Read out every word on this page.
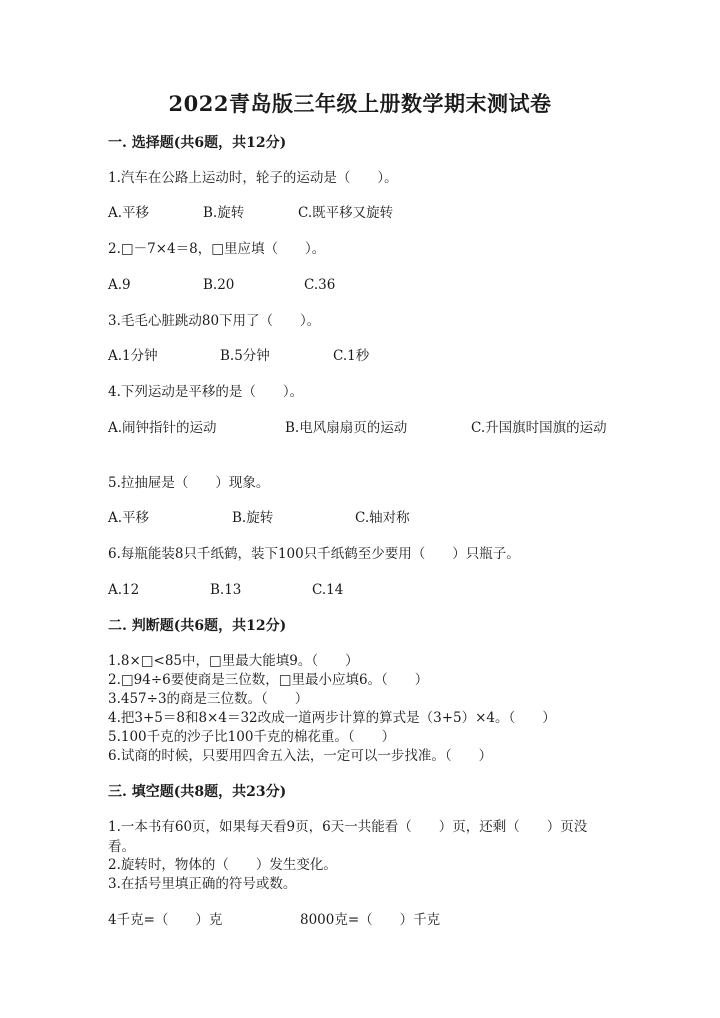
2022青岛版三年级上册数学期末测试卷
一. 选择题(共6题，共12分)
1.汽车在公路上运动时，轮子的运动是（　　）。
A.平移	B.旋转	C.既平移又旋转
2.□－7×4＝8，□里应填（　　）。
A.9	B.20	C.36
3.毛毛心脏跳动80下用了（　　）。
A.1分钟	B.5分钟	C.1秒
4.下列运动是平移的是（　　）。
A.闹钟指针的运动	B.电风扇扇页的运动	C.升国旗时国旗的运动
5.拉抽屉是（　　）现象。
A.平移	B.旋转	C.轴对称
6.每瓶能装8只千纸鹤，装下100只千纸鹤至少要用（　　）只瓶子。
A.12	B.13	C.14
二. 判断题(共6题，共12分)
1.8×□<85中，□里最大能填9。（　　）
2.□94÷6要使商是三位数，□里最小应填6。（　　）
3.457÷3的商是三位数。（　　）
4.把3+5＝8和8×4＝32改成一道两步计算的算式是（3+5）×4。（　　）
5.100千克的沙子比100千克的棉花重。（　　）
6.试商的时候，只要用四舍五入法，一定可以一步找准。（　　）
三. 填空题(共8题，共23分)
1.一本书有60页，如果每天看9页，6天一共能看（　　）页，还剩（　　）页没看。
2.旋转时，物体的（　　）发生变化。
3.在括号里填正确的符号或数。
4千克=（　　）克	8000克=（　　）千克
